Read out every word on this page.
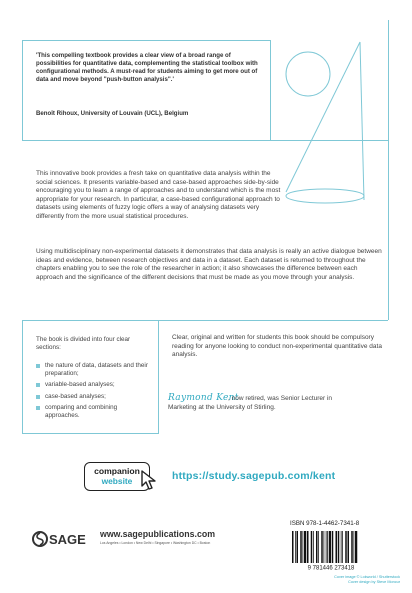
'This compelling textbook provides a clear view of a broad range of possibilities for quantitative data, complementing the statistical toolbox with configurational methods. A must-read for students aiming to get more out of data and move beyond "push-button analysis".'
Benoît Rihoux, University of Louvain (UCL), Belgium
This innovative book provides a fresh take on quantitative data analysis within the social sciences. It presents variable-based and case-based approaches side-by-side encouraging you to learn a range of approaches and to understand which is the most appropriate for your research. In particular, a case-based configurational approach to datasets using elements of fuzzy logic offers a way of analysing datasets very differently from the more usual statistical procedures.
Using multidisciplinary non-experimental datasets it demonstrates that data analysis is really an active dialogue between ideas and evidence, between research objectives and data in a dataset. Each dataset is returned to throughout the chapters enabling you to see the role of the researcher in action; it also showcases the difference between each approach and the significance of the different decisions that must be made as you move through your analysis.
The book is divided into four clear sections:
the nature of data, datasets and their preparation;
variable-based analyses;
case-based analyses;
comparing and combining approaches.
Clear, original and written for students this book should be compulsory reading for anyone looking to conduct non-experimental quantitative data analysis.
Raymond Kent
, now retired, was Senior Lecturer in
Marketing at the University of Stirling.
companion
website	https://study.sagepub.com/kent
SAGE www.sagepublications.com
Los Angeles • London • New Delhi • Singapore • Washington DC • Boston
ISBN 978-1-4462-7341-8
9 781446 273418
Cover image © Lokworld / Shutterstock
Cover design by Steve Moncur
